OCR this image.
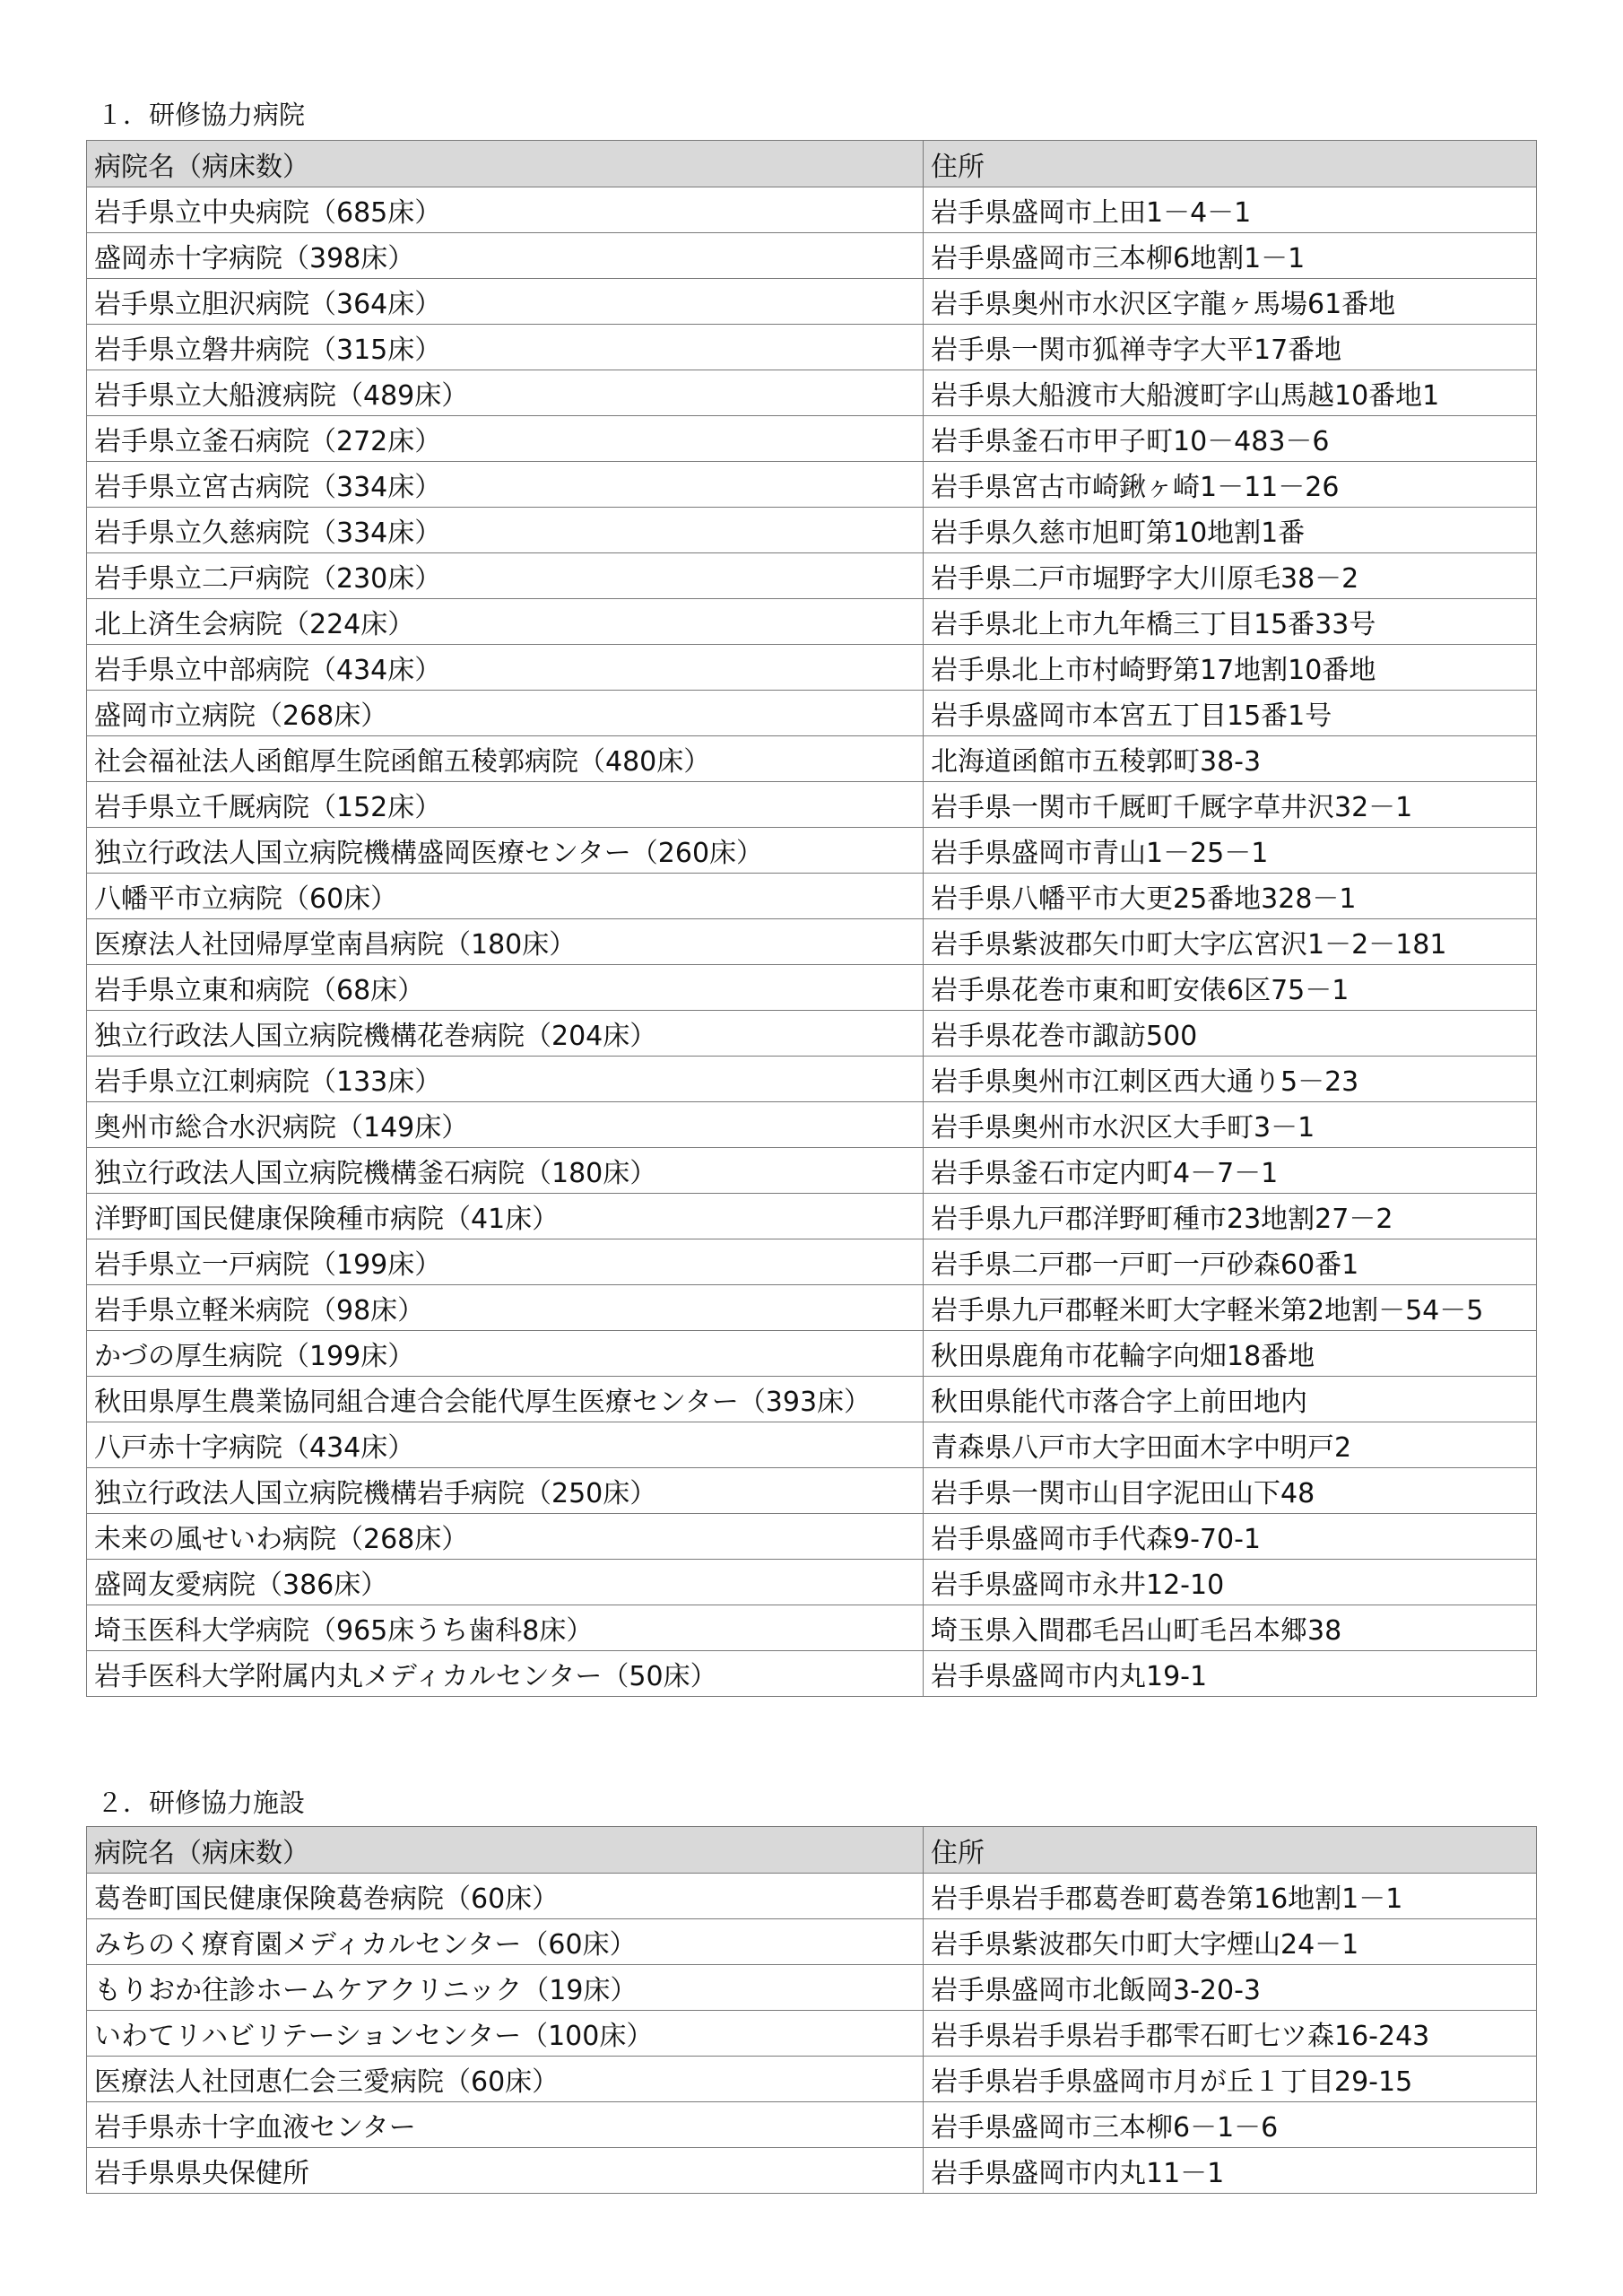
１．研修協力病院
病院名（病床数）	住所
岩手県立中央病院（685床）	岩手県盛岡市上田1－4－1
盛岡赤十字病院（398床）	岩手県盛岡市三本柳6地割1－1
岩手県立胆沢病院（364床）	岩手県奥州市水沢区字龍ヶ馬場61番地
岩手県立磐井病院（315床）	岩手県一関市狐禅寺字大平17番地
岩手県立大船渡病院（489床）	岩手県大船渡市大船渡町字山馬越10番地1
岩手県立釜石病院（272床）	岩手県釜石市甲子町10－483－6
岩手県立宮古病院（334床）	岩手県宮古市崎鍬ヶ崎1－11－26
岩手県立久慈病院（334床）	岩手県久慈市旭町第10地割1番
岩手県立二戸病院（230床）	岩手県二戸市堀野字大川原毛38－2
北上済生会病院（224床）	岩手県北上市九年橋三丁目15番33号
岩手県立中部病院（434床）	岩手県北上市村崎野第17地割10番地
盛岡市立病院（268床）	岩手県盛岡市本宮五丁目15番1号
社会福祉法人函館厚生院函館五稜郭病院（480床）	北海道函館市五稜郭町38-3
岩手県立千厩病院（152床）	岩手県一関市千厩町千厩字草井沢32－1
独立行政法人国立病院機構盛岡医療センター（260床）	岩手県盛岡市青山1－25－1
八幡平市立病院（60床）	岩手県八幡平市大更25番地328－1
医療法人社団帰厚堂南昌病院（180床）	岩手県紫波郡矢巾町大字広宮沢1－2－181
岩手県立東和病院（68床）	岩手県花巻市東和町安俵6区75－1
独立行政法人国立病院機構花巻病院（204床）	岩手県花巻市諏訪500
岩手県立江刺病院（133床）	岩手県奥州市江刺区西大通り5－23
奥州市総合水沢病院（149床）	岩手県奥州市水沢区大手町3－1
独立行政法人国立病院機構釜石病院（180床）	岩手県釜石市定内町4－7－1
洋野町国民健康保険種市病院（41床）	岩手県九戸郡洋野町種市23地割27－2
岩手県立一戸病院（199床）	岩手県二戸郡一戸町一戸砂森60番1
岩手県立軽米病院（98床）	岩手県九戸郡軽米町大字軽米第2地割－54－5
かづの厚生病院（199床）	秋田県鹿角市花輪字向畑18番地
秋田県厚生農業協同組合連合会能代厚生医療センター（393床）	秋田県能代市落合字上前田地内
八戸赤十字病院（434床）	青森県八戸市大字田面木字中明戸2
独立行政法人国立病院機構岩手病院（250床）	岩手県一関市山目字泥田山下48
未来の風せいわ病院（268床）	岩手県盛岡市手代森9-70-1
盛岡友愛病院（386床）	岩手県盛岡市永井12-10
埼玉医科大学病院（965床うち歯科8床）	埼玉県入間郡毛呂山町毛呂本郷38
岩手医科大学附属内丸メディカルセンター（50床）	岩手県盛岡市内丸19-1
２．研修協力施設
病院名（病床数）	住所
葛巻町国民健康保険葛巻病院（60床）	岩手県岩手郡葛巻町葛巻第16地割1－1
みちのく療育園メディカルセンター（60床）	岩手県紫波郡矢巾町大字煙山24－1
もりおか往診ホームケアクリニック（19床）	岩手県盛岡市北飯岡3-20-3
いわてリハビリテーションセンター（100床）	岩手県岩手県岩手郡雫石町七ツ森16-243
医療法人社団恵仁会三愛病院（60床）	岩手県岩手県盛岡市月が丘１丁目29-15
岩手県赤十字血液センター	岩手県盛岡市三本柳6－1－6
岩手県県央保健所	岩手県盛岡市内丸11－1
